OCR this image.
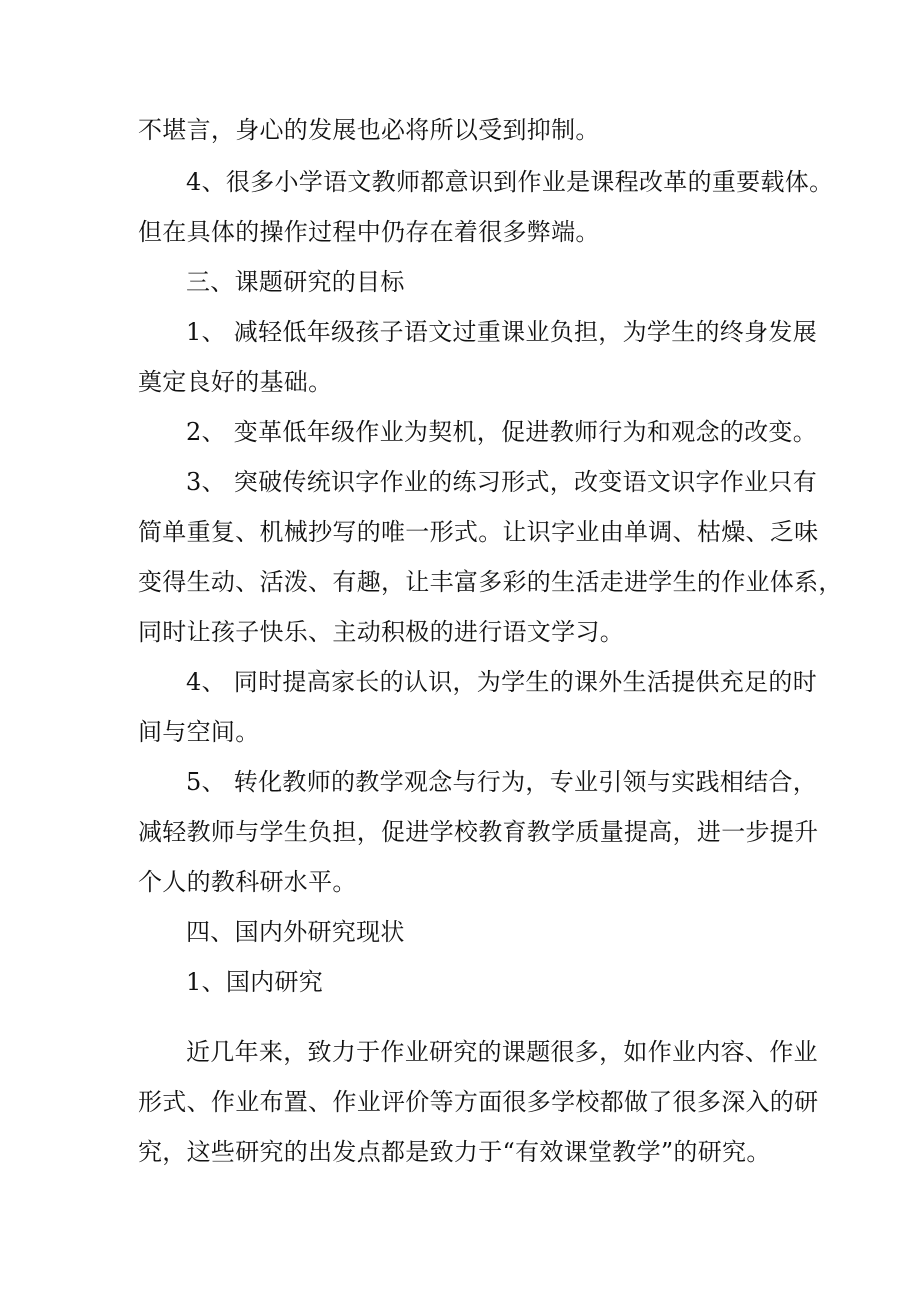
不堪言，身心的发展也必将所以受到抑制。
4、很多小学语文教师都意识到作业是课程改革的重要载体。
但在具体的操作过程中仍存在着很多弊端。
三、课题研究的目标
1、 减轻低年级孩子语文过重课业负担，为学生的终身发展
奠定良好的基础。
2、 变革低年级作业为契机，促进教师行为和观念的改变。
3、 突破传统识字作业的练习形式，改变语文识字作业只有
简单重复、机械抄写的唯一形式。让识字业由单调、枯燥、乏味
变得生动、活泼、有趣，让丰富多彩的生活走进学生的作业体系，
同时让孩子快乐、主动积极的进行语文学习。
4、 同时提高家长的认识，为学生的课外生活提供充足的时
间与空间。
5、 转化教师的教学观念与行为，专业引领与实践相结合，
减轻教师与学生负担，促进学校教育教学质量提高，进一步提升
个人的教科研水平。
四、国内外研究现状
1、国内研究
近几年来，致力于作业研究的课题很多，如作业内容、作业
形式、作业布置、作业评价等方面很多学校都做了很多深入的研
究，这些研究的出发点都是致力于“有效课堂教学”的研究。
